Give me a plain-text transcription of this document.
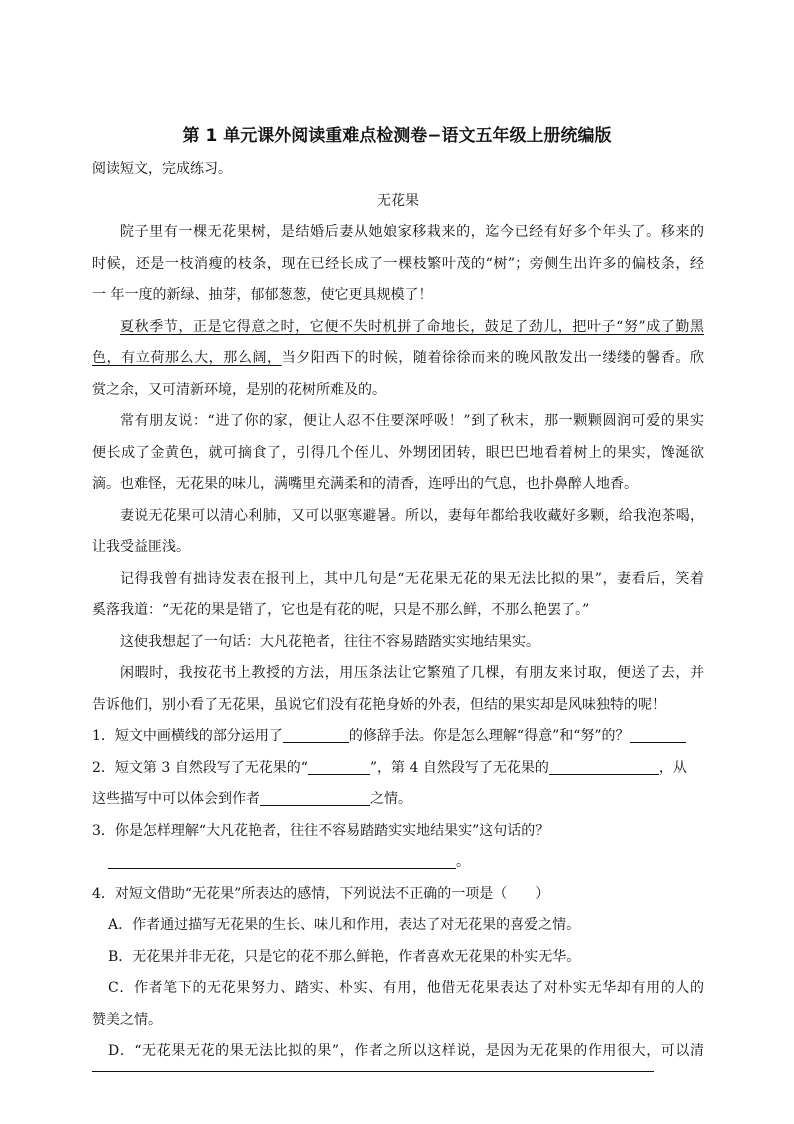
第 1 单元课外阅读重难点检测卷−语文五年级上册统编版
阅读短文，完成练习。
无花果
院子里有一棵无花果树，是结婚后妻从她娘家移栽来的，迄今已经有好多个年头了。移来的
时候，还是一枝消瘦的枝条，现在已经长成了一棵枝繁叶茂的“树”；旁侧生出许多的偏枝条，经
一 年一度的新绿、抽芽，郁郁葱葱，使它更具规模了！
夏秋季节，正是它得意之时，它便不失时机拼了命地长，鼓足了劲儿，把叶子“努”成了勤黑
色，有立荷那么大，那么阔，当夕阳西下的时候，随着徐徐而来的晚风散发出一缕缕的馨香。欣
赏之余，又可清新环境，是别的花树所难及的。
常有朋友说：“进了你的家，便让人忍不住要深呼吸！”到了秋末，那一颗颗圆润可爱的果实
便长成了金黄色，就可摘食了，引得几个侄儿、外甥团团转，眼巴巴地看着树上的果实，馋涎欲
滴。也难怪，无花果的味儿，满嘴里充满柔和的清香，连呼出的气息，也扑鼻醉人地香。
妻说无花果可以清心利肺，又可以驱寒避暑。所以，妻每年都给我收藏好多颗，给我泡茶喝，
让我受益匪浅。
记得我曾有拙诗发表在报刊上，其中几句是“无花果无花的果无法比拟的果”，妻看后，笑着
奚落我道：“无花的果是错了，它也是有花的呢，只是不那么鲜，不那么艳罢了。”
这使我想起了一句话：大凡花艳者，往往不容易踏踏实实地结果实。
闲暇时，我按花书上教授的方法，用压条法让它繁殖了几棵，有朋友来讨取，便送了去，并
告诉他们，别小看了无花果，虽说它们没有花艳身娇的外表，但结的果实却是风味独特的呢！
1．短文中画横线的部分运用了	的修辞手法。你是怎么理解“得意”和“努”的？
2．短文第 3 自然段写了无花果的“	”，第 4 自然段写了无花果的	，从
这些描写中可以体会到作者	之情。
3．你是怎样理解“大凡花艳者，往往不容易踏踏实实地结果实”这句话的？
。
4．对短文借助“无花果”所表达的感情，下列说法不正确的一项是（　　）
A．作者通过描写无花果的生长、味儿和作用，表达了对无花果的喜爱之情。
B．无花果并非无花，只是它的花不那么鲜艳，作者喜欢无花果的朴实无华。
C．作者笔下的无花果努力、踏实、朴实、有用，他借无花果表达了对朴实无华却有用的人的
赞美之情。
D．“无花果无花的果无法比拟的果”，作者之所以这样说，是因为无花果的作用很大，可以清
